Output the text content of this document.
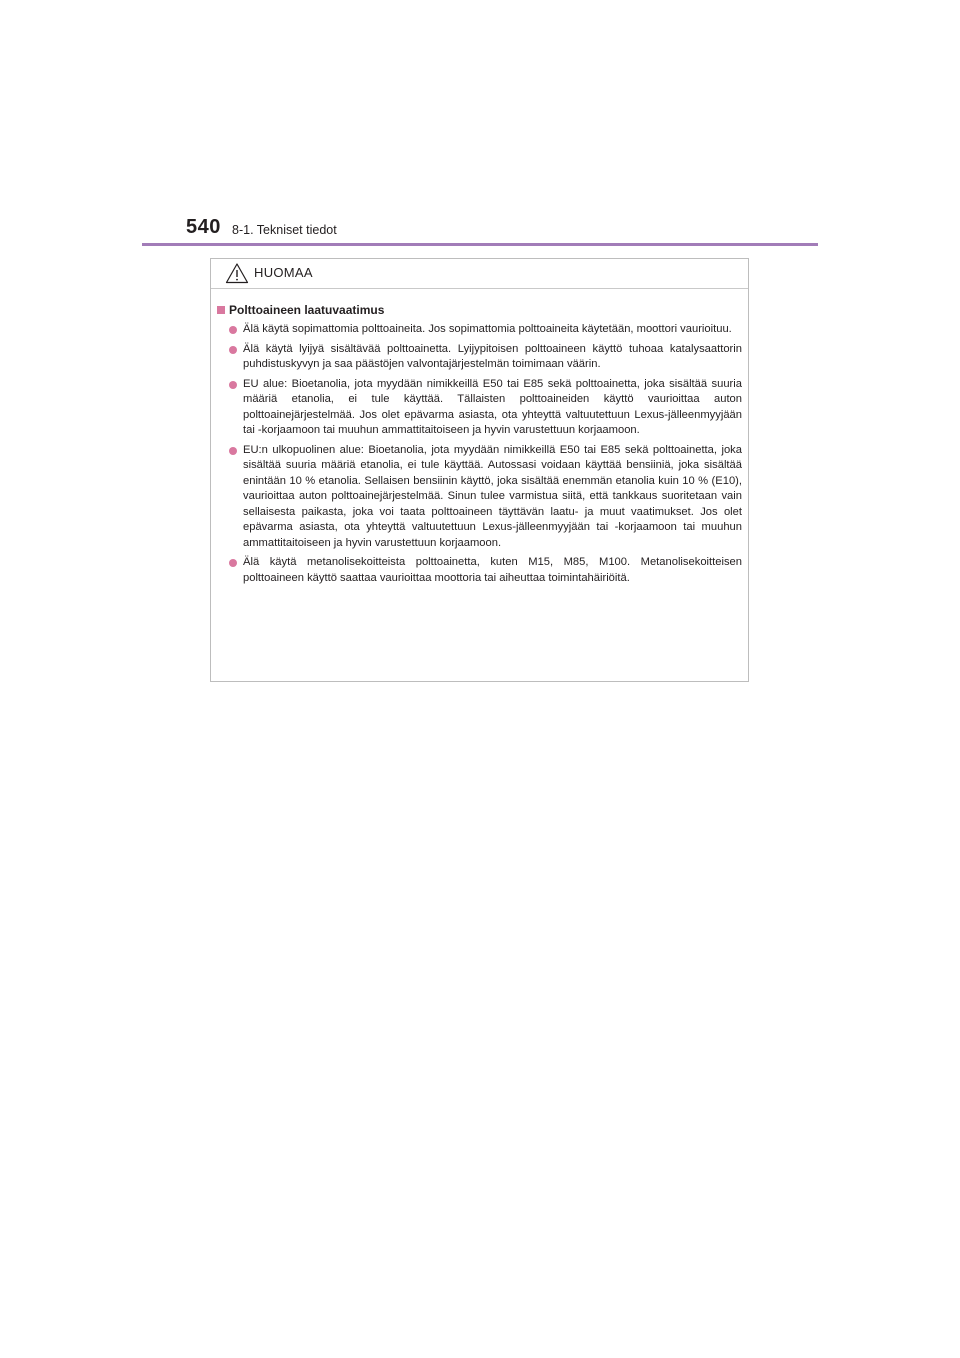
540 8-1. Tekniset tiedot
HUOMAA
Polttoaineen laatuvaatimus
Älä käytä sopimattomia polttoaineita. Jos sopimattomia polttoaineita käytetään, moottori vaurioituu.
Älä käytä lyijyä sisältävää polttoainetta. Lyijypitoisen polttoaineen käyttö tuhoaa katalysaattorin puhdistuskyvyn ja saa päästöjen valvontajärjestelmän toimimaan väärin.
EU alue: Bioetanolia, jota myydään nimikkeillä E50 tai E85 sekä polttoainetta, joka sisältää suuria määriä etanolia, ei tule käyttää. Tällaisten polttoaineiden käyttö vaurioittaa auton polttoainejärjestelmää. Jos olet epävarma asiasta, ota yhteyttä valtuutettuun Lexus-jälleenmyyjään tai -korjaamoon tai muuhun ammattitaitoiseen ja hyvin varustettuun korjaamoon.
EU:n ulkopuolinen alue: Bioetanolia, jota myydään nimikkeillä E50 tai E85 sekä polttoainetta, joka sisältää suuria määriä etanolia, ei tule käyttää. Autossasi voidaan käyttää bensiiniä, joka sisältää enintään 10 % etanolia. Sellaisen bensiinin käyttö, joka sisältää enemmän etanolia kuin 10 % (E10), vaurioittaa auton polttoainejärjestelmää. Sinun tulee varmistua siitä, että tankkaus suoritetaan vain sellaisesta paikasta, joka voi taata polttoaineen täyttävän laatu- ja muut vaatimukset. Jos olet epävarma asiasta, ota yhteyttä valtuutettuun Lexus-jälleenmyyjään tai -korjaamoon tai muuhun ammattitaitoiseen ja hyvin varustettuun korjaamoon.
Älä käytä metanolisekoitteista polttoainetta, kuten M15, M85, M100. Metanolisekoitteisen polttoaineen käyttö saattaa vaurioittaa moottoria tai aiheuttaa toimintahäiriöitä.
